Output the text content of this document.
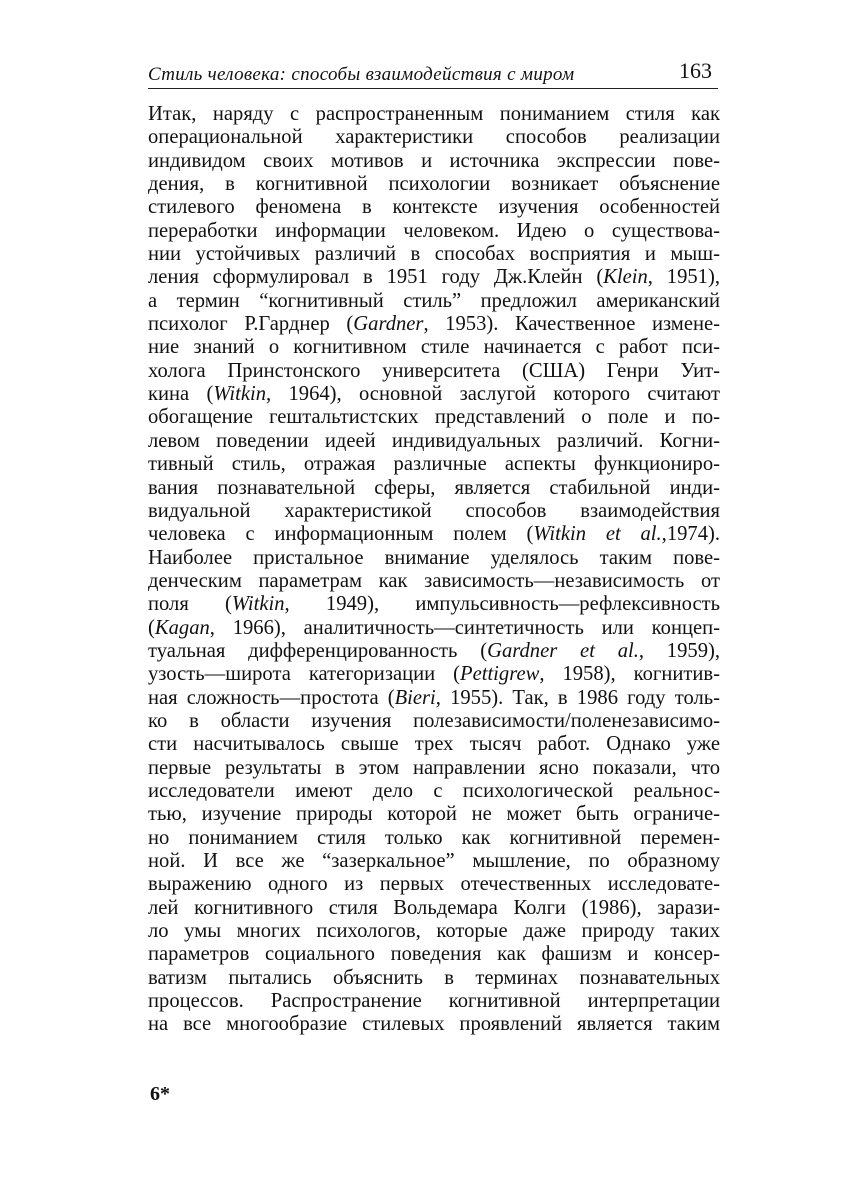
Стиль человека: способы взаимодействия с миром	163
Итак, наряду с распространенным пониманием стиля как
операциональной характеристики способов реализации
индивидом своих мотивов и источника экспрессии пове-
дения, в когнитивной психологии возникает объяснение
стилевого феномена в контексте изучения особенностей
переработки информации человеком. Идею о существова-
нии устойчивых различий в способах восприятия и мыш-
ления сформулировал в 1951 году Дж.Клейн (Klein, 1951),
а термин “когнитивный стиль” предложил американский
психолог Р.Гарднер (Gardner, 1953). Качественное измене-
ние знаний о когнитивном стиле начинается с работ пси-
холога Принстонского университета (США) Генри Уит-
кина (Witkin, 1964), основной заслугой которого считают
обогащение гештальтистских представлений о поле и по-
левом поведении идеей индивидуальных различий. Когни-
тивный стиль, отражая различные аспекты функциониро-
вания познавательной сферы, является стабильной инди-
видуальной характеристикой способов взаимодействия
человека с информационным полем (Witkin et al.,1974).
Наиболее пристальное внимание уделялось таким пове-
денческим параметрам как зависимость—независимость от
поля (Witkin, 1949), импульсивность—рефлексивность
(Kagan, 1966), аналитичность—синтетичность или концеп-
туальная дифференцированность (Gardner et al., 1959),
узость—широта категоризации (Pettigrew, 1958), когнитив-
ная сложность—простота (Bieri, 1955). Так, в 1986 году толь-
ко в области изучения полезависимости/поленезависимо-
сти насчитывалось свыше трех тысяч работ. Однако уже
первые результаты в этом направлении ясно показали, что
исследователи имеют дело с психологической реальнос-
тью, изучение природы которой не может быть ограниче-
но пониманием стиля только как когнитивной перемен-
ной. И все же “зазеркальное” мышление, по образному
выражению одного из первых отечественных исследовате-
лей когнитивного стиля Вольдемара Колги (1986), зарази-
ло умы многих психологов, которые даже природу таких
параметров социального поведения как фашизм и консер-
ватизм пытались объяснить в терминах познавательных
процессов. Распространение когнитивной интерпретации
на все многообразие стилевых проявлений является таким
6*
